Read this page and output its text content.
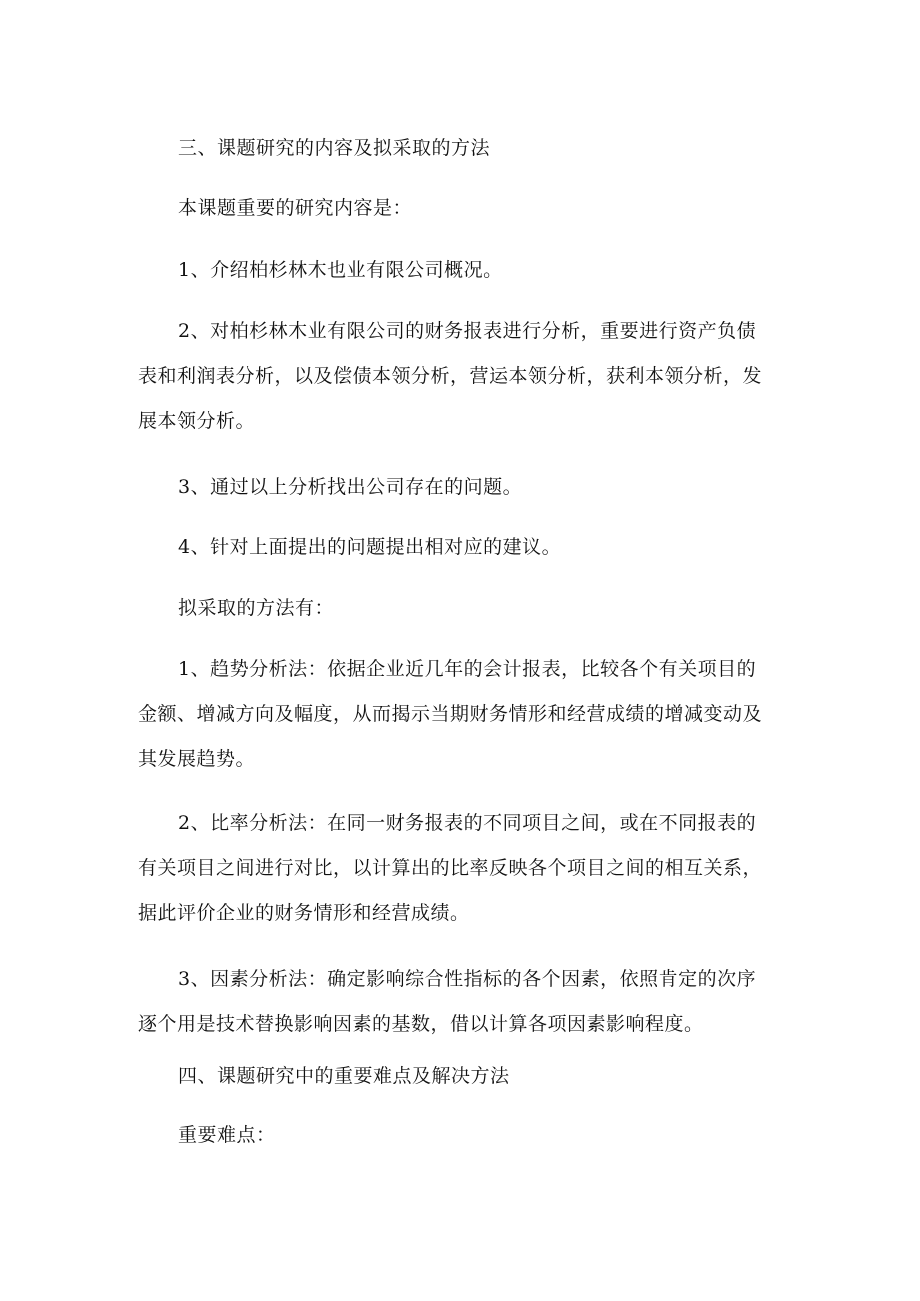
三、课题研究的内容及拟采取的方法

本课题重要的研究内容是：

1、介绍柏杉林木也业有限公司概况。

2、对柏杉林木业有限公司的财务报表进行分析，重要进行资产负债
表和利润表分析，以及偿债本领分析，营运本领分析，获利本领分析，发
展本领分析。

3、通过以上分析找出公司存在的问题。

4、针对上面提出的问题提出相对应的建议。

拟采取的方法有：

1、趋势分析法：依据企业近几年的会计报表，比较各个有关项目的
金额、增减方向及幅度，从而揭示当期财务情形和经营成绩的增减变动及
其发展趋势。

2、比率分析法：在同一财务报表的不同项目之间，或在不同报表的
有关项目之间进行对比，以计算出的比率反映各个项目之间的相互关系，
据此评价企业的财务情形和经营成绩。

3、因素分析法：确定影响综合性指标的各个因素，依照肯定的次序
逐个用是技术替换影响因素的基数，借以计算各项因素影响程度。

四、课题研究中的重要难点及解决方法

重要难点：
